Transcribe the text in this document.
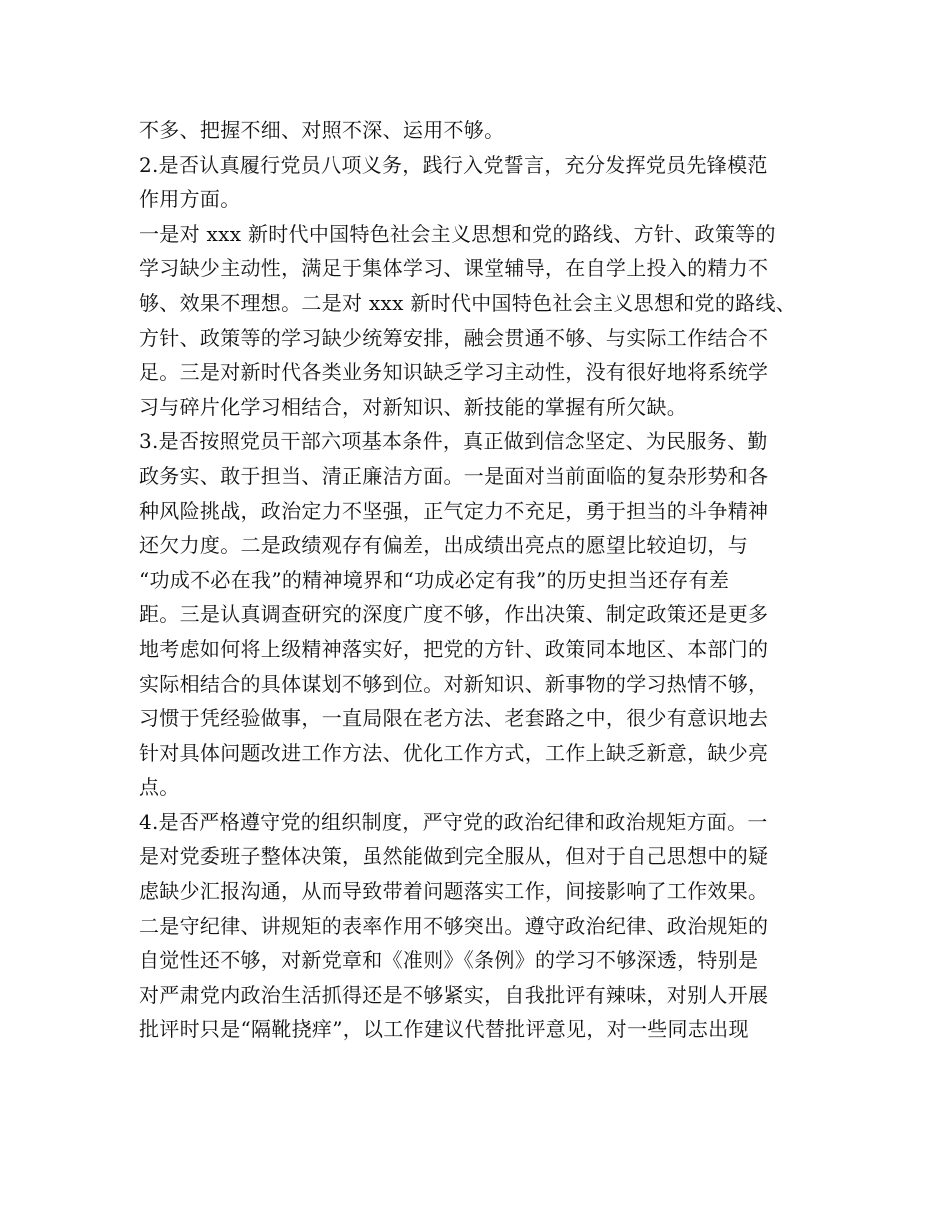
不多、把握不细、对照不深、运用不够。
2.是否认真履行党员八项义务，践行入党誓言，充分发挥党员先锋模范
作用方面。
一是对 xxx 新时代中国特色社会主义思想和党的路线、方针、政策等的
学习缺少主动性，满足于集体学习、课堂辅导，在自学上投入的精力不
够、效果不理想。二是对 xxx 新时代中国特色社会主义思想和党的路线、
方针、政策等的学习缺少统筹安排，融会贯通不够、与实际工作结合不
足。三是对新时代各类业务知识缺乏学习主动性，没有很好地将系统学
习与碎片化学习相结合，对新知识、新技能的掌握有所欠缺。
3.是否按照党员干部六项基本条件，真正做到信念坚定、为民服务、勤
政务实、敢于担当、清正廉洁方面。一是面对当前面临的复杂形势和各
种风险挑战，政治定力不坚强，正气定力不充足，勇于担当的斗争精神
还欠力度。二是政绩观存有偏差，出成绩出亮点的愿望比较迫切，与
“功成不必在我”的精神境界和“功成必定有我”的历史担当还存有差
距。三是认真调查研究的深度广度不够，作出决策、制定政策还是更多
地考虑如何将上级精神落实好，把党的方针、政策同本地区、本部门的
实际相结合的具体谋划不够到位。对新知识、新事物的学习热情不够，
习惯于凭经验做事，一直局限在老方法、老套路之中，很少有意识地去
针对具体问题改进工作方法、优化工作方式，工作上缺乏新意，缺少亮
点。
4.是否严格遵守党的组织制度，严守党的政治纪律和政治规矩方面。一
是对党委班子整体决策，虽然能做到完全服从，但对于自己思想中的疑
虑缺少汇报沟通，从而导致带着问题落实工作，间接影响了工作效果。
二是守纪律、讲规矩的表率作用不够突出。遵守政治纪律、政治规矩的
自觉性还不够，对新党章和《准则》《条例》的学习不够深透，特别是
对严肃党内政治生活抓得还是不够紧实，自我批评有辣味，对别人开展
批评时只是“隔靴挠痒”，以工作建议代替批评意见，对一些同志出现
